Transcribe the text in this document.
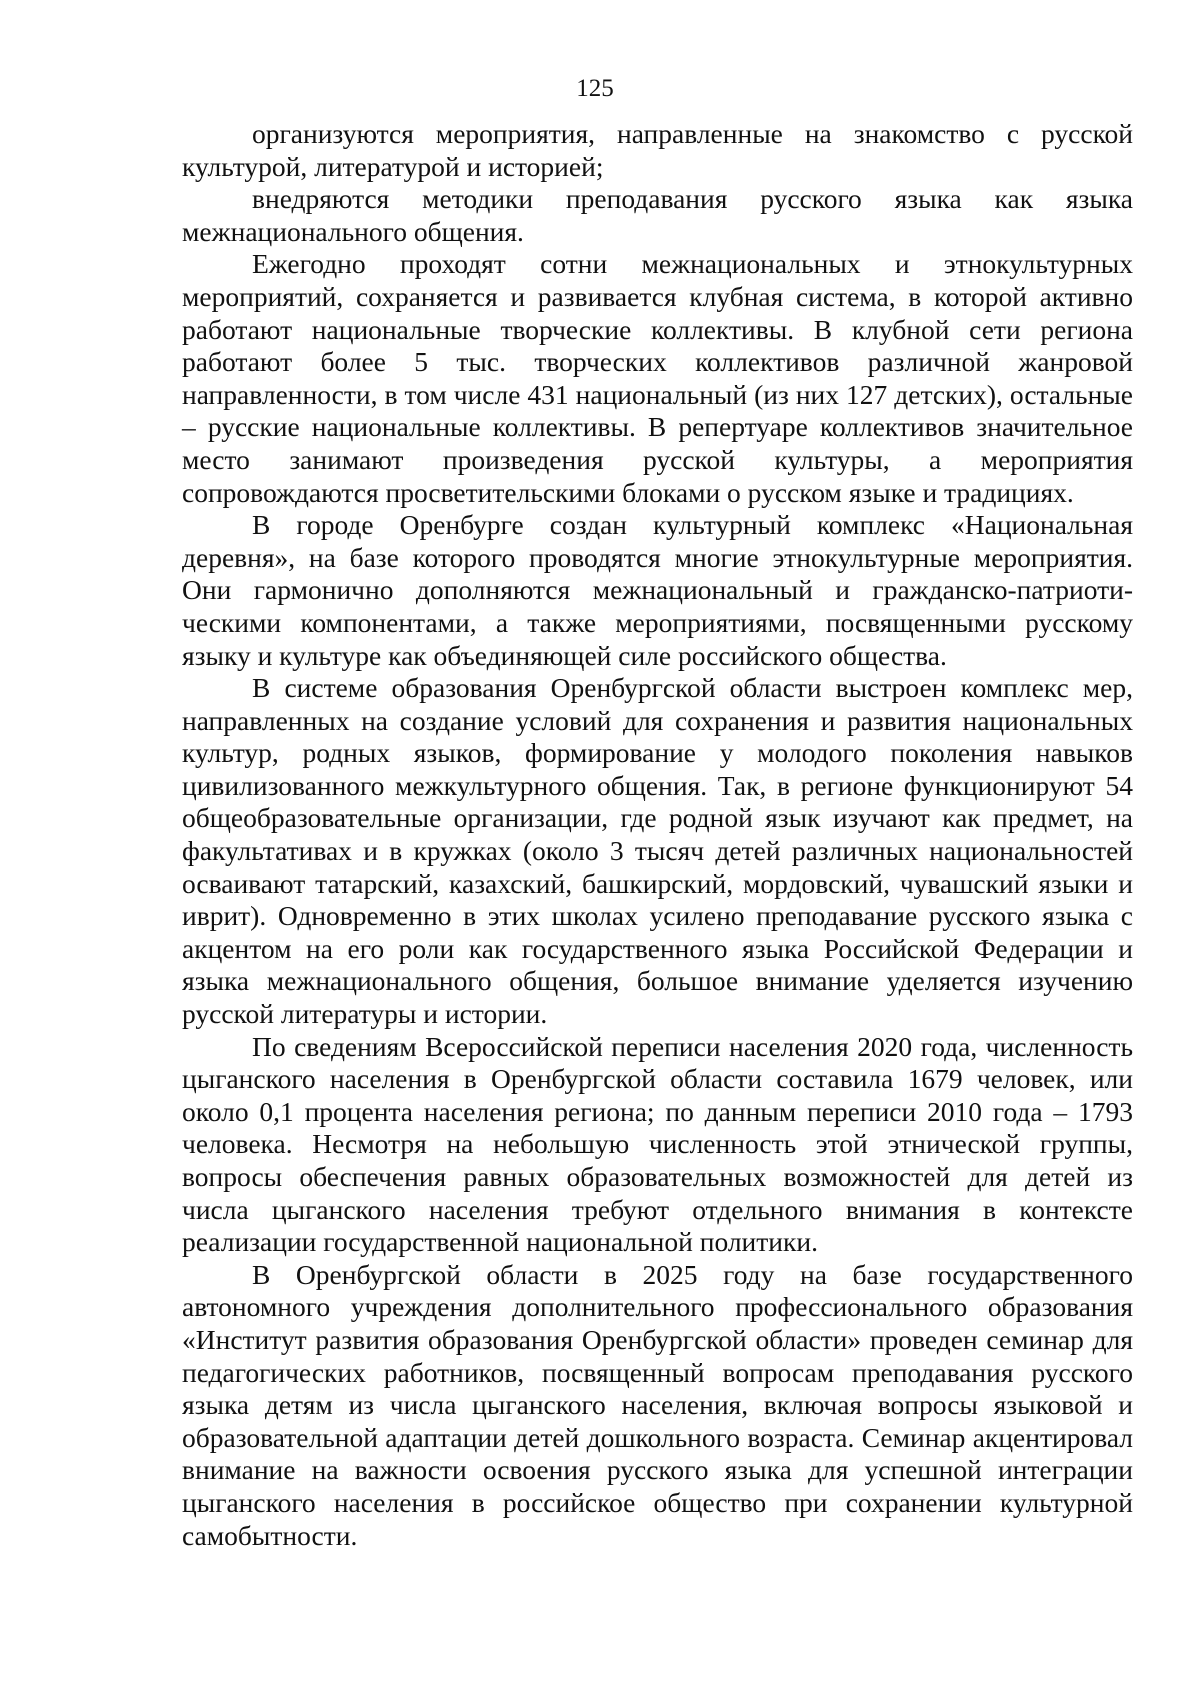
125

организуются мероприятия, направленные на знакомство с русской культурой, литературой и историей;

внедряются методики преподавания русского языка как языка межнационального общения.

Ежегодно проходят сотни межнациональных и этнокультурных мероприятий, сохраняется и развивается клубная система, в которой активно работают национальные творческие коллективы. В клубной сети региона работают более 5 тыс. творческих коллективов различной жанровой направленности, в том числе 431 национальный (из них 127 детских), остальные – русские национальные коллективы. В репертуаре коллективов значительное место занимают произведения русской культуры, а мероприятия сопровождаются просветительскими блоками о русском языке и традициях.

В городе Оренбурге создан культурный комплекс «Национальная деревня», на базе которого проводятся многие этнокультурные мероприятия. Они гармонично дополняются межнациональный и гражданско-патриотическими компонентами, а также мероприятиями, посвященными русскому языку и культуре как объединяющей силе российского общества.

В системе образования Оренбургской области выстроен комплекс мер, направленных на создание условий для сохранения и развития национальных культур, родных языков, формирование у молодого поколения навыков цивилизованного межкультурного общения. Так, в регионе функционируют 54 общеобразовательные организации, где родной язык изучают как предмет, на факультативах и в кружках (около 3 тысяч детей различных национальностей осваивают татарский, казахский, башкирский, мордовский, чувашский языки и иврит). Одновременно в этих школах усилено преподавание русского языка с акцентом на его роли как государственного языка Российской Федерации и языка межнационального общения, большое внимание уделяется изучению русской литературы и истории.

По сведениям Всероссийской переписи населения 2020 года, численность цыганского населения в Оренбургской области составила 1679 человек, или около 0,1 процента населения региона; по данным переписи 2010 года – 1793 человека. Несмотря на небольшую численность этой этнической группы, вопросы обеспечения равных образовательных возможностей для детей из числа цыганского населения требуют отдельного внимания в контексте реализации государственной национальной политики.

В Оренбургской области в 2025 году на базе государственного автономного учреждения дополнительного профессионального образования «Институт развития образования Оренбургской области» проведен семинар для педагогических работников, посвященный вопросам преподавания русского языка детям из числа цыганского населения, включая вопросы языковой и образовательной адаптации детей дошкольного возраста. Семинар акцентировал внимание на важности освоения русского языка для успешной интеграции цыганского населения в российское общество при сохранении культурной самобытности.
